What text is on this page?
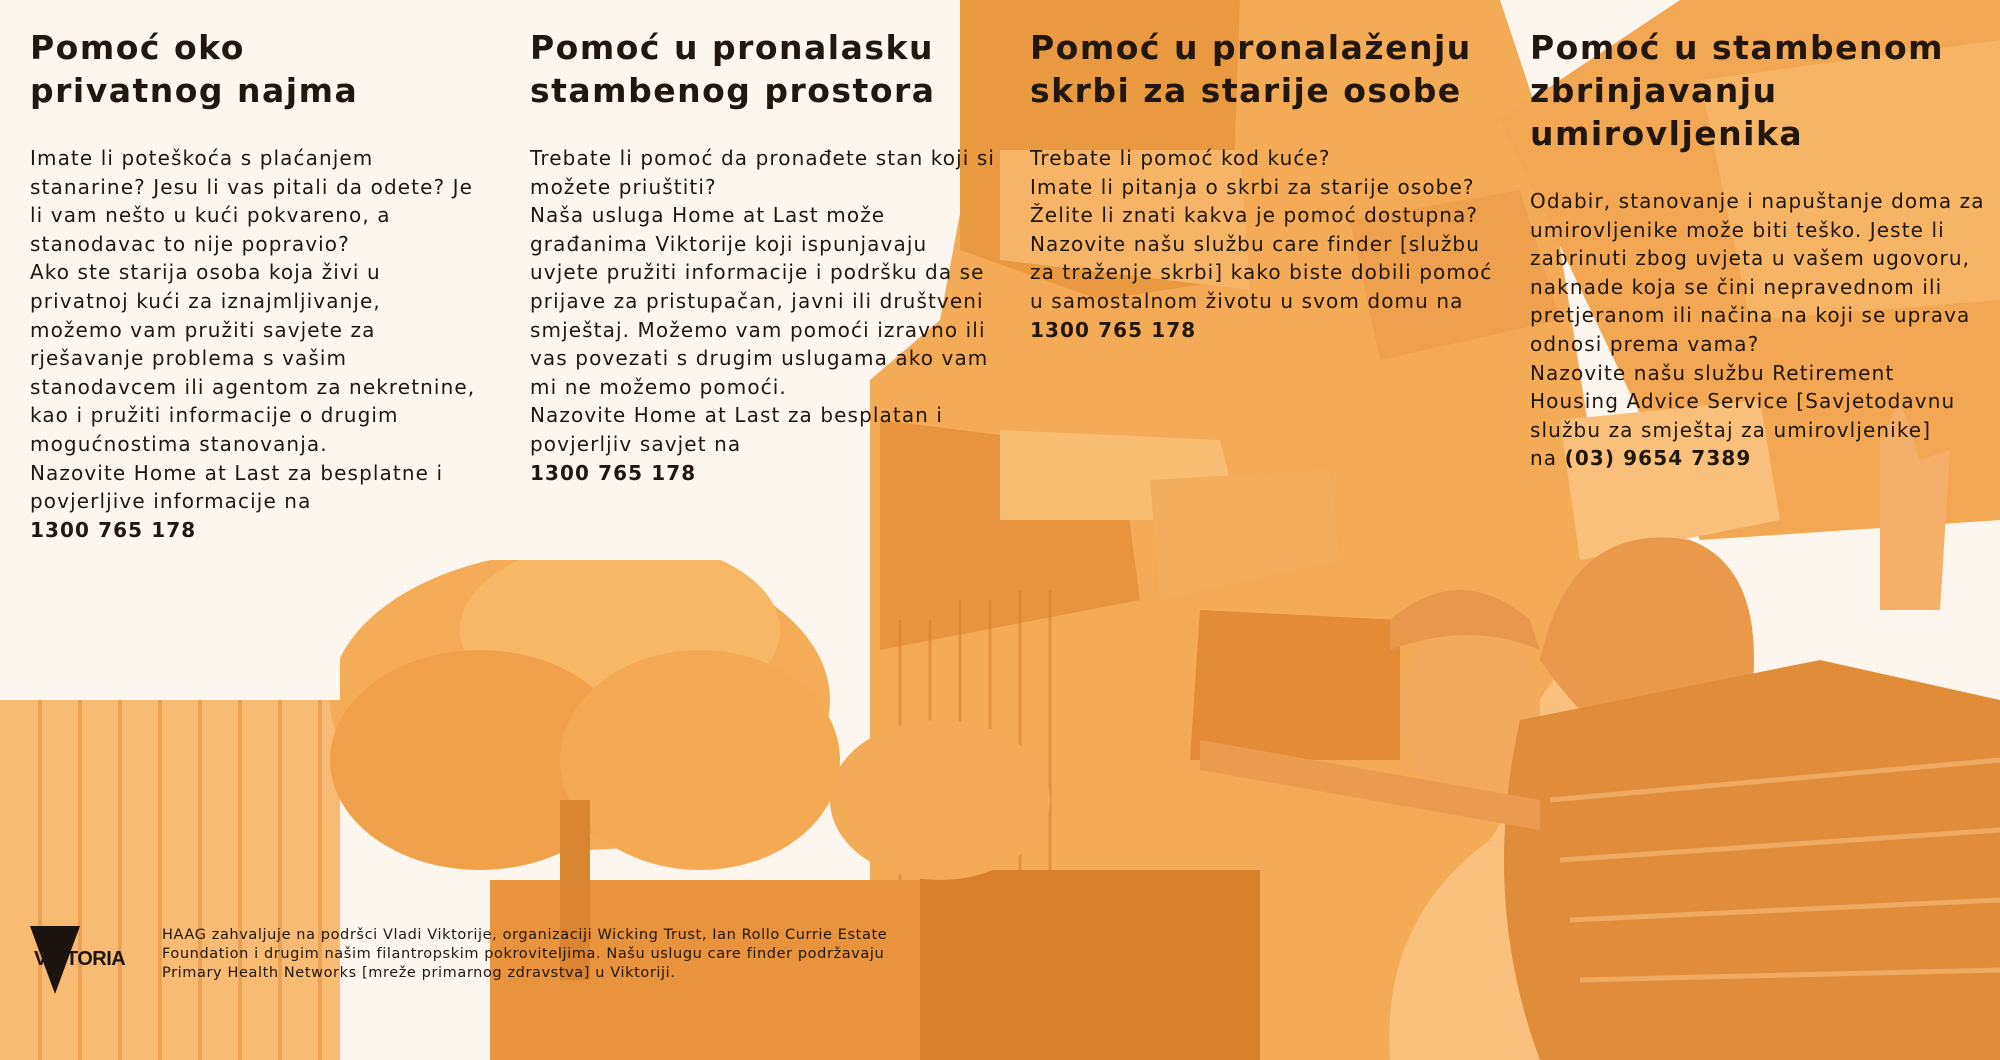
Pomoć oko
privatnog najma

Imate li poteškoća s plaćanjem stanarine? Jesu li vas pitali da odete? Je li vam nešto u kući pokvareno, a stanodavac to nije popravio?

Ako ste starija osoba koja živi u privatnoj kući za iznajmljivanje, možemo vam pružiti savjete za rješavanje problema s vašim stanodavcem ili agentom za nekretnine, kao i pružiti informacije o drugim mogućnostima stanovanja.

Nazovite Home at Last za besplatne i povjerljive informacije na

1300 765 178

Pomoć u pronalasku
stambenog prostora

Trebate li pomoć da pronađete stan koji si možete priuštiti?

Naša usluga Home at Last može građanima Viktorije koji ispunjavaju uvjete pružiti informacije i podršku da se prijave za pristupačan, javni ili društveni smještaj. Možemo vam pomoći izravno ili vas povezati s drugim uslugama ako vam mi ne možemo pomoći.

Nazovite Home at Last za besplatan i povjerljiv savjet na

1300 765 178

Pomoć u pronalaženju
skrbi za starije osobe

Trebate li pomoć kod kuće?

Imate li pitanja o skrbi za starije osobe? Želite li znati kakva je pomoć dostupna?

Nazovite našu službu care finder [službu za traženje skrbi] kako biste dobili pomoć u samostalnom životu u svom domu na

1300 765 178

Pomoć u stambenom
zbrinjavanju
umirovljenika

Odabir, stanovanje i napuštanje doma za umirovljenike može biti teško. Jeste li zabrinuti zbog uvjeta u vašem ugovoru, naknade koja se čini nepravednom ili pretjeranom ili načina na koji se uprava odnosi prema vama?

Nazovite našu službu Retirement Housing Advice Service [Savjetodavnu službu za smještaj za umirovljenike]

na (03) 9654 7389

VICTORIA
HAAG zahvaljuje na podršci Vladi Viktorije, organizaciji Wicking Trust, Ian Rollo Currie Estate Foundation i drugim našim filantropskim pokroviteljima. Našu uslugu care finder podržavaju Primary Health Networks [mreže primarnog zdravstva] u Viktoriji.
